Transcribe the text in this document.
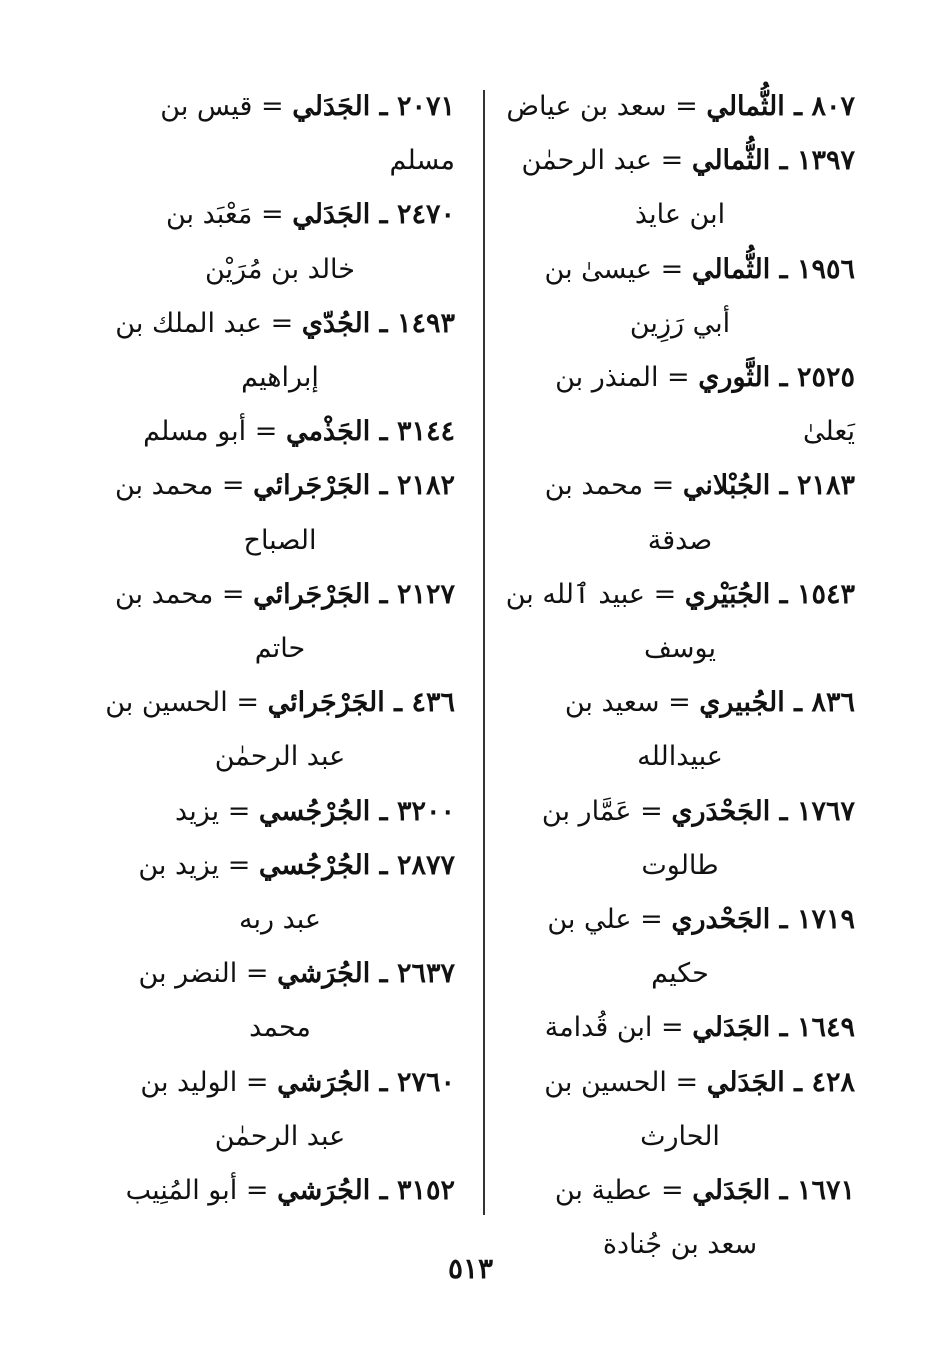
٨٠٧ ـ الثُّمالي = سعد بن عياض
١٣٩٧ ـ الثُّمالي = عبد الرحمٰن
ابن عايذ
١٩٥٦ ـ الثُّمالي = عيسىٰ بن
أبي رَزِين
٢٥٢٥ ـ الثَّوري = المنذر بن يَعلىٰ
٢١٨٣ ـ الجُبْلاني = محمد بن
صدقة
١٥٤٣ ـ الجُبَيْري = عبيد ٱلله بن
يوسف
٨٣٦ ـ الجُبيري = سعيد بن
عبيدالله
١٧٦٧ ـ الجَحْدَري = عَمَّار بن
طالوت
١٧١٩ ـ الجَحْدري = علي بن
حكيم
١٦٤٩ ـ الجَدَلي = ابن قُدامة
٤٢٨ ـ الجَدَلي = الحسين بن
الحارث
١٦٧١ ـ الجَدَلي = عطية بن
سعد بن جُنادة
٢٠٧١ ـ الجَدَلي = قيس بن مسلم
٢٤٧٠ ـ الجَدَلي = مَعْبَد بن
خالد بن مُرَيْن
١٤٩٣ ـ الجُدّي = عبد الملك بن
إبراهيم
٣١٤٤ ـ الجَذْمي = أبو مسلم
٢١٨٢ ـ الجَرْجَرائي = محمد بن
الصباح
٢١٢٧ ـ الجَرْجَرائي = محمد بن
حاتم
٤٣٦ ـ الجَرْجَرائي = الحسين بن
عبد الرحمٰن
٣٢٠٠ ـ الجُرْجُسي = يزيد
٢٨٧٧ ـ الجُرْجُسي = يزيد بن
عبد ربه
٢٦٣٧ ـ الجُرَشي = النضر بن
محمد
٢٧٦٠ ـ الجُرَشي = الوليد بن
عبد الرحمٰن
٣١٥٢ ـ الجُرَشي = أبو المُنِيب
٥١٣
